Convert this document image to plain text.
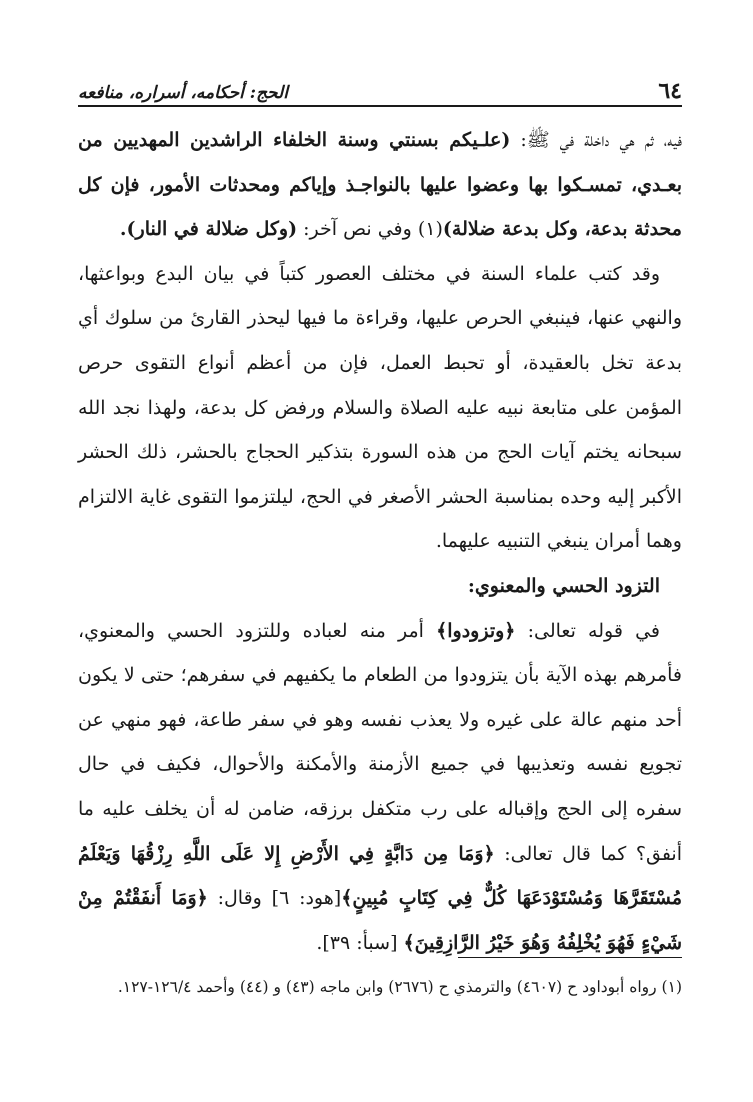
٦٤
الحج: أحكامه، أسراره، منافعه

فيه، ثم هي داخلة في ﷺ: (علـيكم بسنتي وسنة الخلفاء الراشدين المهديين من بعـدي، تمسـكوا بها وعضوا عليها بالنواجـذ وإياكم ومحدثات الأمور، فإن كل محدثة بدعة، وكل بدعة ضلالة)(١) وفي نص آخر: (وكل ضلالة في النار).

وقد كتب علماء السنة في مختلف العصور كتباً في بيان البدع وبواعثها، والنهي عنها، فينبغي الحرص عليها، وقراءة ما فيها ليحذر القارئ من سلوك أي بدعة تخل بالعقيدة، أو تحبط العمل، فإن من أعظم أنواع التقوى حرص المؤمن على متابعة نبيه عليه الصلاة والسلام ورفض كل بدعة، ولهذا نجد الله سبحانه يختم آيات الحج من هذه السورة بتذكير الحجاج بالحشر، ذلك الحشر الأكبر إليه وحده بمناسبة الحشر الأصغر في الحج، ليلتزموا التقوى غاية الالتزام وهما أمران ينبغي التنبيه عليهما.

التزود الحسي والمعنوي:

في قوله تعالى: ﴿وتزودوا﴾ أمر منه لعباده وللتزود الحسي والمعنوي، فأمرهم بهذه الآية بأن يتزودوا من الطعام ما يكفيهم في سفرهم؛ حتى لا يكون أحد منهم عالة على غيره ولا يعذب نفسه وهو في سفر طاعة، فهو منهي عن تجويع نفسه وتعذيبها في جميع الأزمنة والأمكنة والأحوال، فكيف في حال سفره إلى الحج وإقباله على رب متكفل برزقه، ضامن له أن يخلف عليه ما أنفق؟ كما قال تعالى: ﴿وَمَا مِن دَابَّةٍ فِي الأَرْضِ إِلا عَلَى اللَّهِ رِزْقُهَا وَيَعْلَمُ مُسْتَقَرَّهَا وَمُسْتَوْدَعَهَا كُلٌّ فِي كِتَابٍ مُبِينٍ﴾[هود: ٦] وقال: ﴿وَمَا أَنفَقْتُمْ مِنْ شَيْءٍ فَهُوَ يُخْلِفُهُ وَهُوَ خَيْرُ الرَّازِقِينَ﴾ [سبأ: ٣٩].

(١) رواه أبوداود ح (٤٦٠٧) والترمذي ح (٢٦٧٦) وابن ماجه (٤٣) و (٤٤) وأحمد ١٢٦/٤-١٢٧.
